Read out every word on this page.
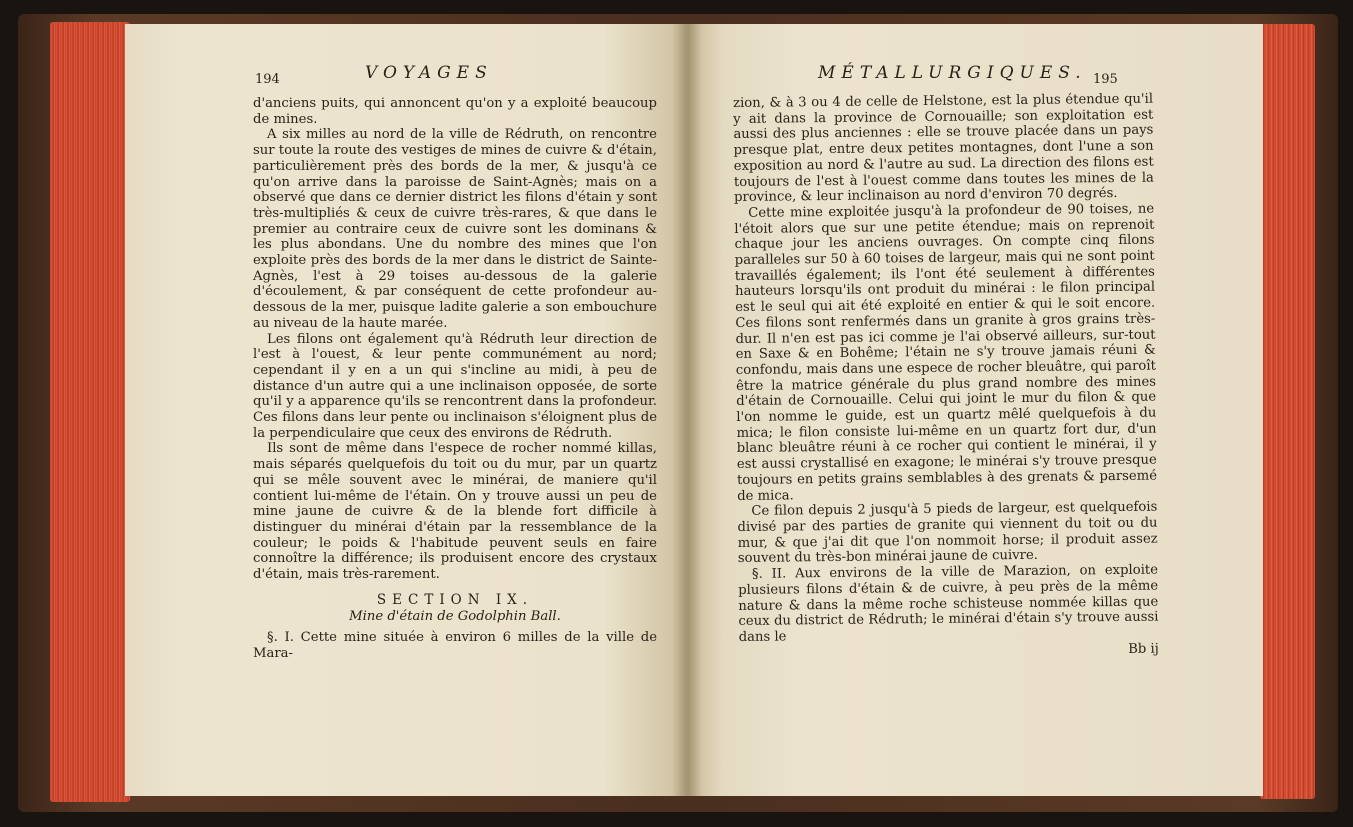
194	VOYAGES

d'anciens puits, qui annoncent qu'on y a exploité beaucoup de mines.

A six milles au nord de la ville de Rédruth, on rencontre sur toute la route des vestiges de mines de cuivre & d'étain, particulièrement près des bords de la mer, & jusqu'à ce qu'on arrive dans la paroisse de Saint-Agnès; mais on a observé que dans ce dernier district les filons d'étain y sont très-multipliés & ceux de cuivre très-rares, & que dans le premier au contraire ceux de cuivre sont les dominans & les plus abondans. Une du nombre des mines que l'on exploite près des bords de la mer dans le district de Sainte-Agnès, l'est à 29 toises au-dessous de la galerie d'écoulement, & par conséquent de cette profondeur au-dessous de la mer, puisque ladite galerie a son embouchure au niveau de la haute marée.

Les filons ont également qu'à Rédruth leur direction de l'est à l'ouest, & leur pente communément au nord; cependant il y en a un qui s'incline au midi, à peu de distance d'un autre qui a une inclinaison opposée, de sorte qu'il y a apparence qu'ils se rencontrent dans la profondeur. Ces filons dans leur pente ou inclinaison s'éloignent plus de la perpendiculaire que ceux des environs de Rédruth.

Ils sont de même dans l'espece de rocher nommé killas, mais séparés quelquefois du toit ou du mur, par un quartz qui se mêle souvent avec le minérai, de maniere qu'il contient lui-même de l'étain. On y trouve aussi un peu de mine jaune de cuivre & de la blende fort difficile à distinguer du minérai d'étain par la ressemblance de la couleur; le poids & l'habitude peuvent seuls en faire connoître la différence; ils produisent encore des crystaux d'étain, mais très-rarement.

SECTION IX.
Mine d'étain de Godolphin Ball.

§. I. Cette mine située à environ 6 milles de la ville de Mara-

MÉTALLURGIQUES. 195

zion, & à 3 ou 4 de celle de Helstone, est la plus étendue qu'il y ait dans la province de Cornouaille; son exploitation est aussi des plus anciennes : elle se trouve placée dans un pays presque plat, entre deux petites montagnes, dont l'une a son exposition au nord & l'autre au sud. La direction des filons est toujours de l'est à l'ouest comme dans toutes les mines de la province, & leur inclinaison au nord d'environ 70 degrés.

Cette mine exploitée jusqu'à la profondeur de 90 toises, ne l'étoit alors que sur une petite étendue; mais on reprenoit chaque jour les anciens ouvrages. On compte cinq filons paralleles sur 50 à 60 toises de largeur, mais qui ne sont point travaillés également; ils l'ont été seulement à différentes hauteurs lorsqu'ils ont produit du minérai : le filon principal est le seul qui ait été exploité en entier & qui le soit encore. Ces filons sont renfermés dans un granite à gros grains très-dur. Il n'en est pas ici comme je l'ai observé ailleurs, sur-tout en Saxe & en Bohême; l'étain ne s'y trouve jamais réuni & confondu, mais dans une espece de rocher bleuâtre, qui paroît être la matrice générale du plus grand nombre des mines d'étain de Cornouaille. Celui qui joint le mur du filon & que l'on nomme le guide, est un quartz mêlé quelquefois à du mica; le filon consiste lui-même en un quartz fort dur, d'un blanc bleuâtre réuni à ce rocher qui contient le minérai, il y est aussi crystallisé en exagone; le minérai s'y trouve presque toujours en petits grains semblables à des grenats & parsemé de mica.

Ce filon depuis 2 jusqu'à 5 pieds de largeur, est quelquefois divisé par des parties de granite qui viennent du toit ou du mur, & que j'ai dit que l'on nommoit horse; il produit assez souvent du très-bon minérai jaune de cuivre.

§. II. Aux environs de la ville de Marazion, on exploite plusieurs filons d'étain & de cuivre, à peu près de la même nature & dans la même roche schisteuse nommée killas que ceux du district de Rédruth; le minérai d'étain s'y trouve aussi dans le

Bb ij
